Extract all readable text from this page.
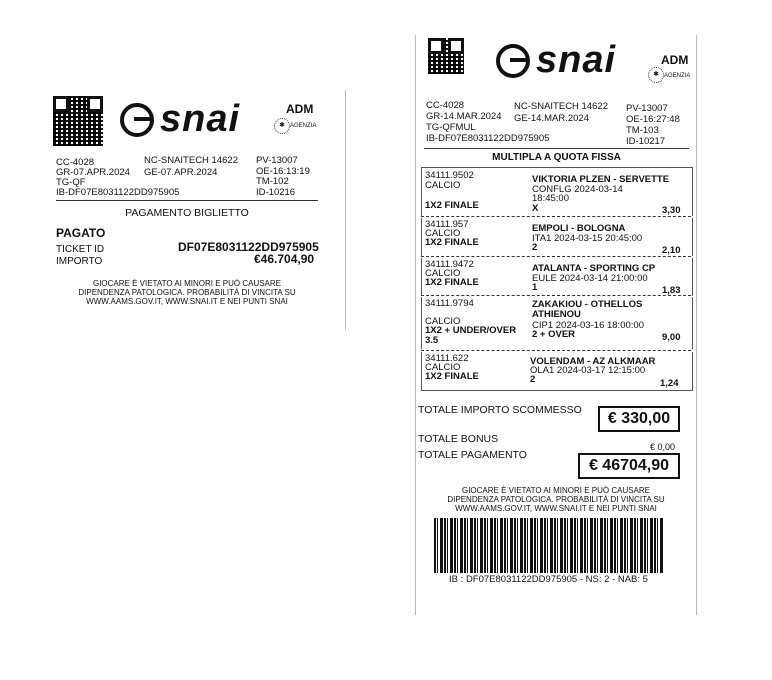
snai	ADM
✱ AGENZIA
CC-4028
GR-07.APR.2024
TG-QF
IB-DF07E8031122DD975905
NC-SNAITECH 14622
GE-07.APR.2024
PV-13007
OE-16:13:19
TM-102
ID-10216
PAGAMENTO BIGLIETTO
PAGATO
TICKET ID	DF07E8031122DD975905
IMPORTO	€46.704,90
GIOCARE È VIETATO AI MINORI E PUÒ CAUSARE
DIPENDENZA PATOLOGICA. PROBABILITÀ DI VINCITA SU
WWW.AAMS.GOV.IT, WWW.SNAI.IT E NEI PUNTI SNAI
snai	ADM
✱ AGENZIA
CC-4028
GR-14.MAR.2024
TG-QFMUL
IB-DF07E8031122DD975905
NC-SNAITECH 14622
GE-14.MAR.2024
PV-13007
OE-16:27:48
TM-103
ID-10217
MULTIPLA A QUOTA FISSA
34111.9502
CALCIO
1X2 FINALE
VIKTORIA PLZEN - SERVETTE
CONFLG 2024-03-14
18:45:00
X	3,30
34111.957
CALCIO
1X2 FINALE
EMPOLI - BOLOGNA
ITA1 2024-03-15 20:45:00
2	2,10
34111.9472
CALCIO
1X2 FINALE
ATALANTA - SPORTING CP
EULE 2024-03-14 21:00:00
1	1,83
34111.9794
CALCIO
1X2 + UNDER/OVER 3.5
ZAKAKIOU - OTHELLOS ATHIENOU
CIP1 2024-03-16 18:00:00
2 + OVER	9,00
34111.622
CALCIO
1X2 FINALE
VOLENDAM - AZ ALKMAAR
OLA1 2024-03-17 12:15:00
2	1,24
TOTALE IMPORTO SCOMMESSO	€ 330,00
TOTALE BONUS
€ 0,00
TOTALE PAGAMENTO
€ 46704,90
GIOCARE È VIETATO AI MINORI E PUÒ CAUSARE
DIPENDENZA PATOLOGICA. PROBABILITÀ DI VINCITA SU
WWW.AAMS.GOV.IT, WWW.SNAI.IT E NEI PUNTI SNAI
IB : DF07E8031122DD975905 - NS: 2 - NAB: 5
